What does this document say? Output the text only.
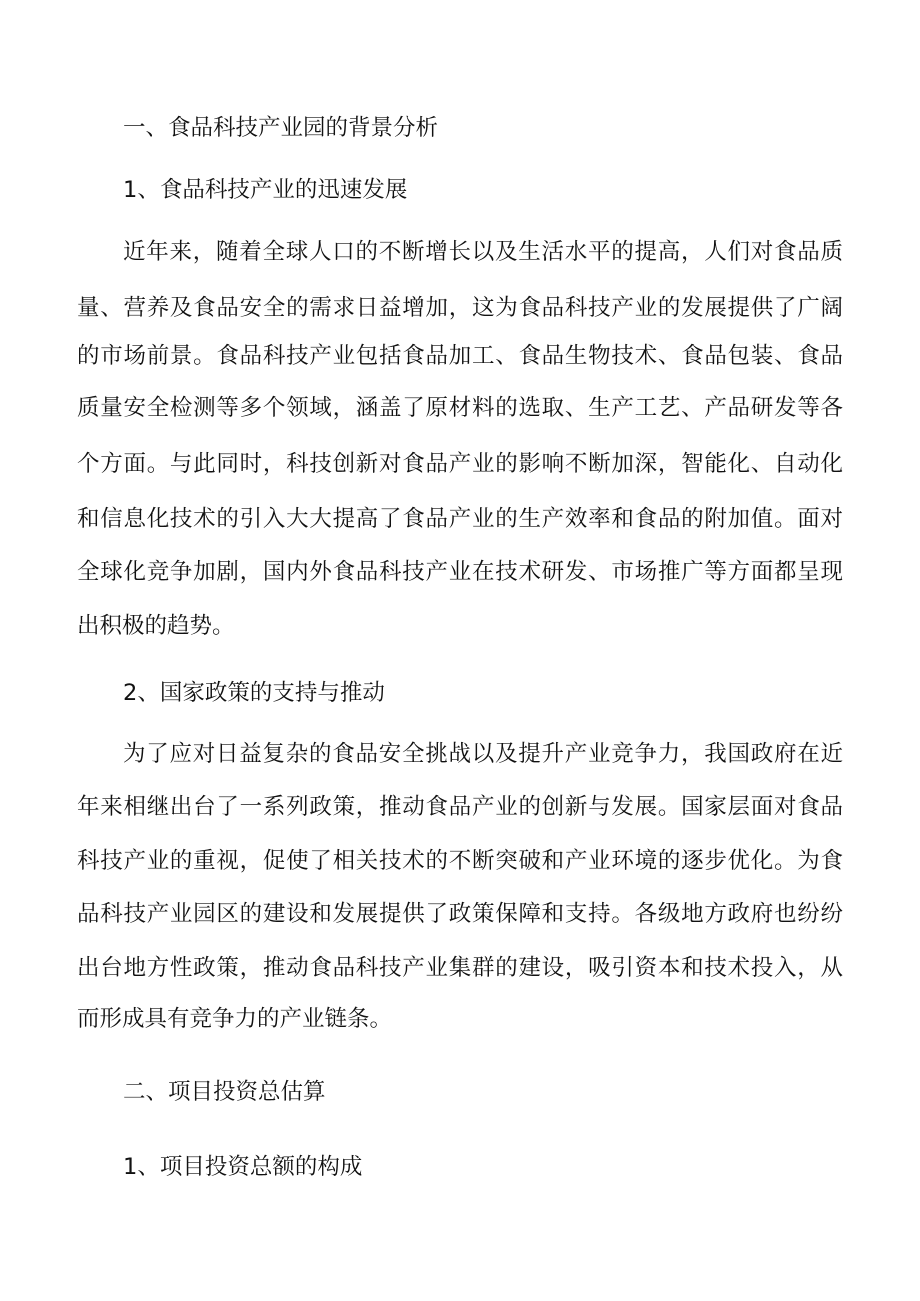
一、食品科技产业园的背景分析
1、食品科技产业的迅速发展

近年来，随着全球人口的不断增长以及生活水平的提高，人们对食品质

量、营养及食品安全的需求日益增加，这为食品科技产业的发展提供了广阔

的市场前景。食品科技产业包括食品加工、食品生物技术、食品包装、食品

质量安全检测等多个领域，涵盖了原材料的选取、生产工艺、产品研发等各

个方面。与此同时，科技创新对食品产业的影响不断加深，智能化、自动化

和信息化技术的引入大大提高了食品产业的生产效率和食品的附加值。面对

全球化竞争加剧，国内外食品科技产业在技术研发、市场推广等方面都呈现

出积极的趋势。

2、国家政策的支持与推动

为了应对日益复杂的食品安全挑战以及提升产业竞争力，我国政府在近

年来相继出台了一系列政策，推动食品产业的创新与发展。国家层面对食品

科技产业的重视，促使了相关技术的不断突破和产业环境的逐步优化。为食

品科技产业园区的建设和发展提供了政策保障和支持。各级地方政府也纷纷

出台地方性政策，推动食品科技产业集群的建设，吸引资本和技术投入，从

而形成具有竞争力的产业链条。

二、项目投资总估算
1、项目投资总额的构成
